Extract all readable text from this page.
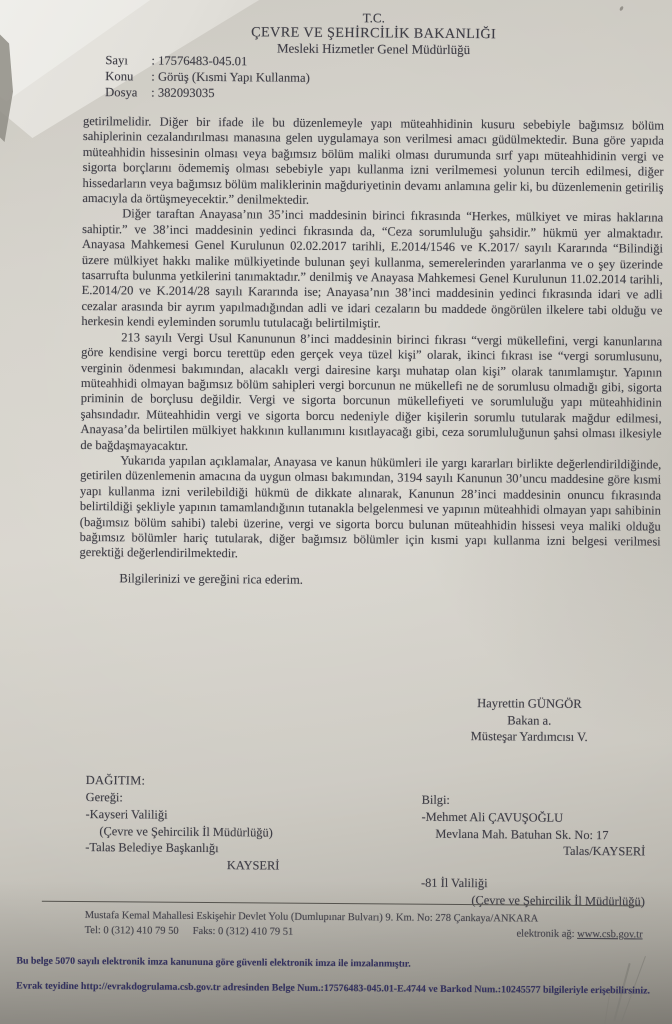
T.C.
ÇEVRE VE ŞEHİRCİLİK BAKANLIĞI
Mesleki Hizmetler Genel Müdürlüğü
Sayı : 17576483-045.01
Konu : Görüş (Kısmi Yapı Kullanma)
Dosya : 382093035

getirilmelidir. Diğer bir ifade ile bu düzenlemeyle yapı müteahhidinin kusuru sebebiyle bağımsız bölüm sahiplerinin cezalandırılması manasına gelen uygulamaya son verilmesi amacı güdülmektedir. Buna göre yapıda müteahhidin hissesinin olması veya bağımsız bölüm maliki olması durumunda sırf yapı müteahhidinin vergi ve sigorta borçlarını ödememiş olması sebebiyle yapı kullanma izni verilmemesi yolunun tercih edilmesi, diğer hissedarların veya bağımsız bölüm maliklerinin mağduriyetinin devamı anlamına gelir ki, bu düzenlemenin getiriliş amacıyla da örtüşmeyecektir.” denilmektedir.

Diğer taraftan Anayasa’nın 35’inci maddesinin birinci fıkrasında “Herkes, mülkiyet ve miras haklarına sahiptir.” ve 38’inci maddesinin yedinci fıkrasında da, “Ceza sorumluluğu şahsidir.” hükmü yer almaktadır. Anayasa Mahkemesi Genel Kurulunun 02.02.2017 tarihli, E.2014/1546 ve K.2017/ sayılı Kararında “Bilindiği üzere mülkiyet hakkı malike mülkiyetinde bulunan şeyi kullanma, semerelerinden yararlanma ve o şey üzerinde tasarrufta bulunma yetkilerini tanımaktadır.” denilmiş ve Anayasa Mahkemesi Genel Kurulunun 11.02.2014 tarihli, E.2014/20 ve K.2014/28 sayılı Kararında ise; Anayasa’nın 38’inci maddesinin yedinci fıkrasında idari ve adli cezalar arasında bir ayrım yapılmadığından adli ve idari cezaların bu maddede öngörülen ilkelere tabi olduğu ve herkesin kendi eyleminden sorumlu tutulacağı belirtilmiştir.

213 sayılı Vergi Usul Kanununun 8’inci maddesinin birinci fıkrası “vergi mükellefini, vergi kanunlarına göre kendisine vergi borcu terettüp eden gerçek veya tüzel kişi” olarak, ikinci fıkrası ise “vergi sorumlusunu, verginin ödenmesi bakımından, alacaklı vergi dairesine karşı muhatap olan kişi” olarak tanımlamıştır. Yapının müteahhidi olmayan bağımsız bölüm sahipleri vergi borcunun ne mükellefi ne de sorumlusu olmadığı gibi, sigorta priminin de borçlusu değildir. Vergi ve sigorta borcunun mükellefiyeti ve sorumluluğu yapı müteahhidinin şahsındadır. Müteahhidin vergi ve sigorta borcu nedeniyle diğer kişilerin sorumlu tutularak mağdur edilmesi, Anayasa’da belirtilen mülkiyet hakkının kullanımını kısıtlayacağı gibi, ceza sorumluluğunun şahsi olması ilkesiyle de bağdaşmayacaktır.

Yukarıda yapılan açıklamalar, Anayasa ve kanun hükümleri ile yargı kararları birlikte değerlendirildiğinde, getirilen düzenlemenin amacına da uygun olması bakımından, 3194 sayılı Kanunun 30’uncu maddesine göre kısmi yapı kullanma izni verilebildiği hükmü de dikkate alınarak, Kanunun 28’inci maddesinin onuncu fıkrasında belirtildiği şekliyle yapının tamamlandığının tutanakla belgelenmesi ve yapının müteahhidi olmayan yapı sahibinin (bağımsız bölüm sahibi) talebi üzerine, vergi ve sigorta borcu bulunan müteahhidin hissesi veya maliki olduğu bağımsız bölümler hariç tutularak, diğer bağımsız bölümler için kısmi yapı kullanma izni belgesi verilmesi gerektiği değerlendirilmektedir.

Bilgilerinizi ve gereğini rica ederim.

Hayrettin GÜNGÖR
Bakan a.
Müsteşar Yardımcısı V.
DAĞITIM:
Gereği:
-Kayseri Valiliği
(Çevre ve Şehircilik İl Müdürlüğü)
-Talas Belediye Başkanlığı
KAYSERİ
Bilgi:
-Mehmet Ali ÇAVUŞOĞLU
Mevlana Mah. Batuhan Sk. No: 17
Talas/KAYSERİ
-81 İl Valiliği
(Çevre ve Şehircilik İl Müdürlüğü)
Mustafa Kemal Mahallesi Eskişehir Devlet Yolu (Dumlupınar Bulvarı) 9. Km. No: 278 Çankaya/ANKARA
Tel: 0 (312) 410 79 50 Faks: 0 (312) 410 79 51	elektronik ağ: www.csb.gov.tr
Bu belge 5070 sayılı elektronik imza kanununa göre güvenli elektronik imza ile imzalanmıştır.
Evrak teyidine http://evrakdogrulama.csb.gov.tr adresinden Belge Num.:17576483-045.01-E.4744 ve Barkod Num.:10245577 bilgileriyle erişebilirsiniz.
